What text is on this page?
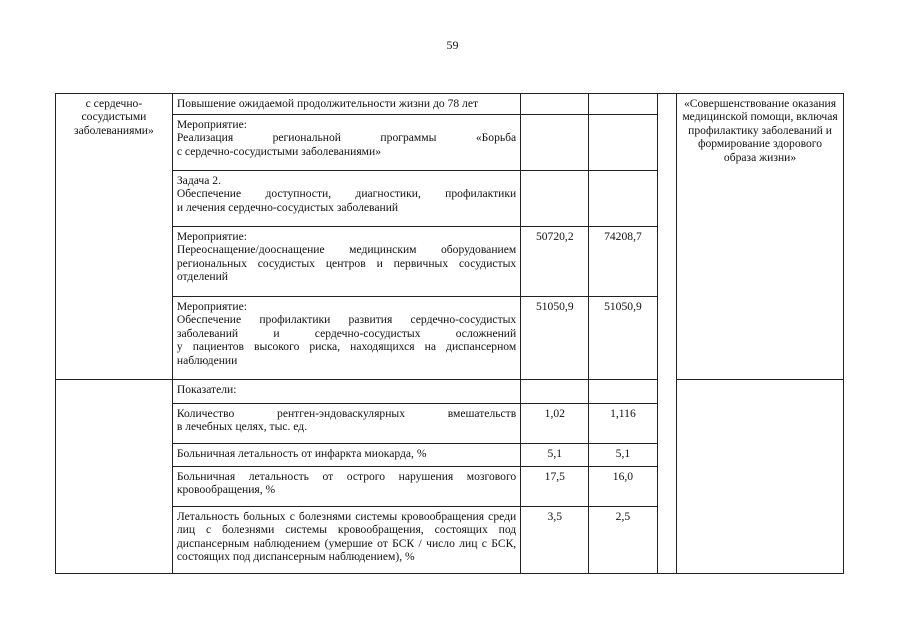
59
с сердечно-сосудистыми заболеваниями»	Повышение ожидаемой продолжительности жизни до 78 лет				«Совершенствование оказания медицинской помощи, включая профилактику заболеваний и формирование здорового образа жизни»

	Мероприятие:
Реализация региональной программы «Борьба
с сердечно-сосудистыми заболеваниями»				

	Задача 2.
Обеспечение доступности, диагностики, профилактики
и лечения сердечно-сосудистых заболеваний				

	Мероприятие:
Переоснащение/дооснащение медицинским оборудованием
региональных сосудистых центров и первичных сосудистых отделений	50720,2	74208,7		

	Мероприятие:
Обеспечение профилактики развития сердечно-сосудистых
заболеваний и сердечно-сосудистых осложнений
у пациентов высокого риска, находящихся на диспансерном наблюдении	51050,9	51050,9		
	Показатели:				

	Количество рентген-эндоваскулярных вмешательств
в лечебных целях, тыс. ед.	1,02	1,116		
	Больничная летальность от инфаркта миокарда, %	5,1	5,1		

	Больничная летальность от острого нарушения мозгового
кровообращения, %	17,5	16,0		

	Летальность больных с болезнями системы кровообращения среди лиц с болезнями системы кровообращения, состоящих под диспансерным наблюдением (умершие от БСК / число лиц с БСК, состоящих под диспансерным наблюдением), %	3,5	2,5		
